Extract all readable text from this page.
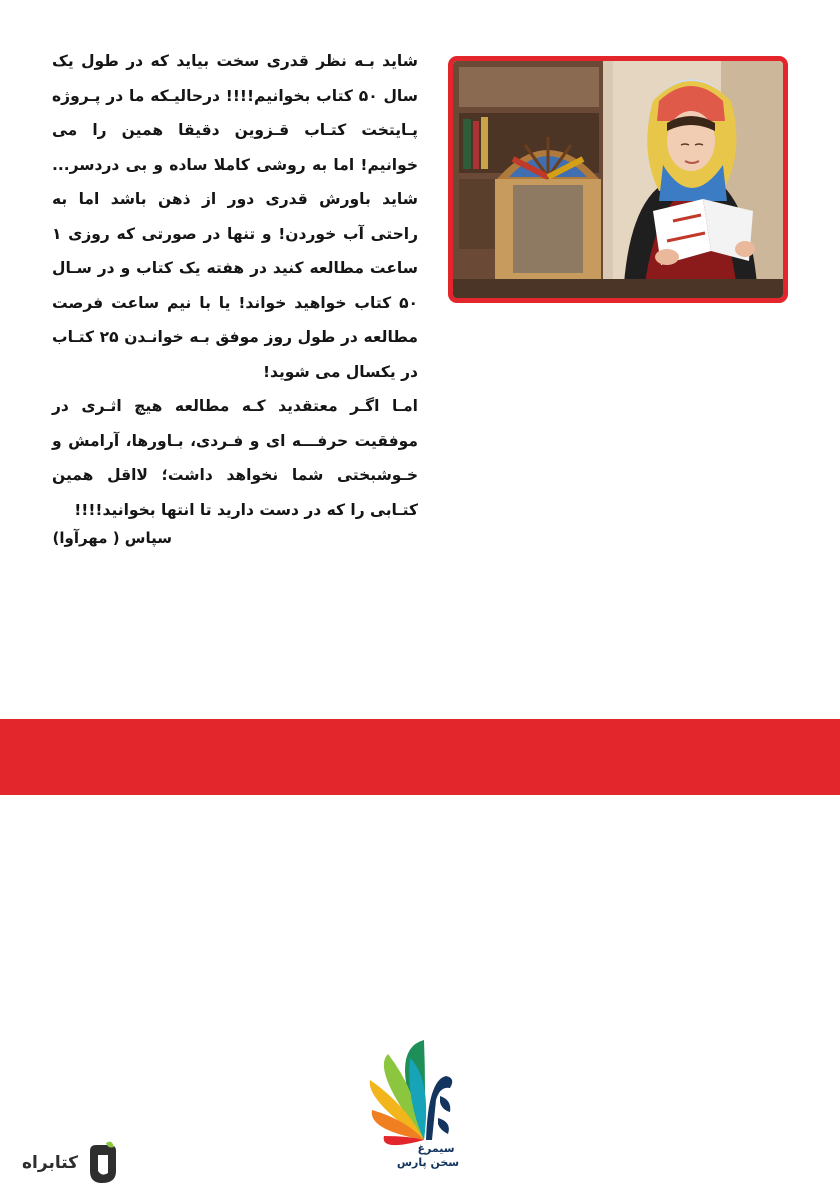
شاید بـه نظر قدری سخت بیاید که در طول یک سال ۵۰ کتاب بخوانیم!!!! درحالیـکه ما در پـروژه پـایتخت کتـاب قـزوین دقیقا همین را می خوانیم! اما به روشی کاملا ساده و بی دردسر... شاید باورش قدری دور از ذهن باشد اما به راحتی آب خوردن! و تنها در صورتی که روزی ۱ ساعت مطالعه کنید در هفته یک کتاب و در سـال ۵۰ کتاب خواهید خواند! یا با نیم ساعت فرصت مطالعه در طول روز موفق بـه خوانـدن ۲۵ کتـاب در یکسال می شوید!

امـا اگـر معتقدید کـه مطالعه هیچ اثـری در موفقیت حرفـــه ای و فـردی، بـاورها، آرامش و خـوشبختی شما نخواهد داشت؛ لااقل همین کتـابی را که در دست دارید تا انتها بخوانید!!!!

سپاس ( مهرآوا)
سیمرغ
سخن پارس
کتابراه
